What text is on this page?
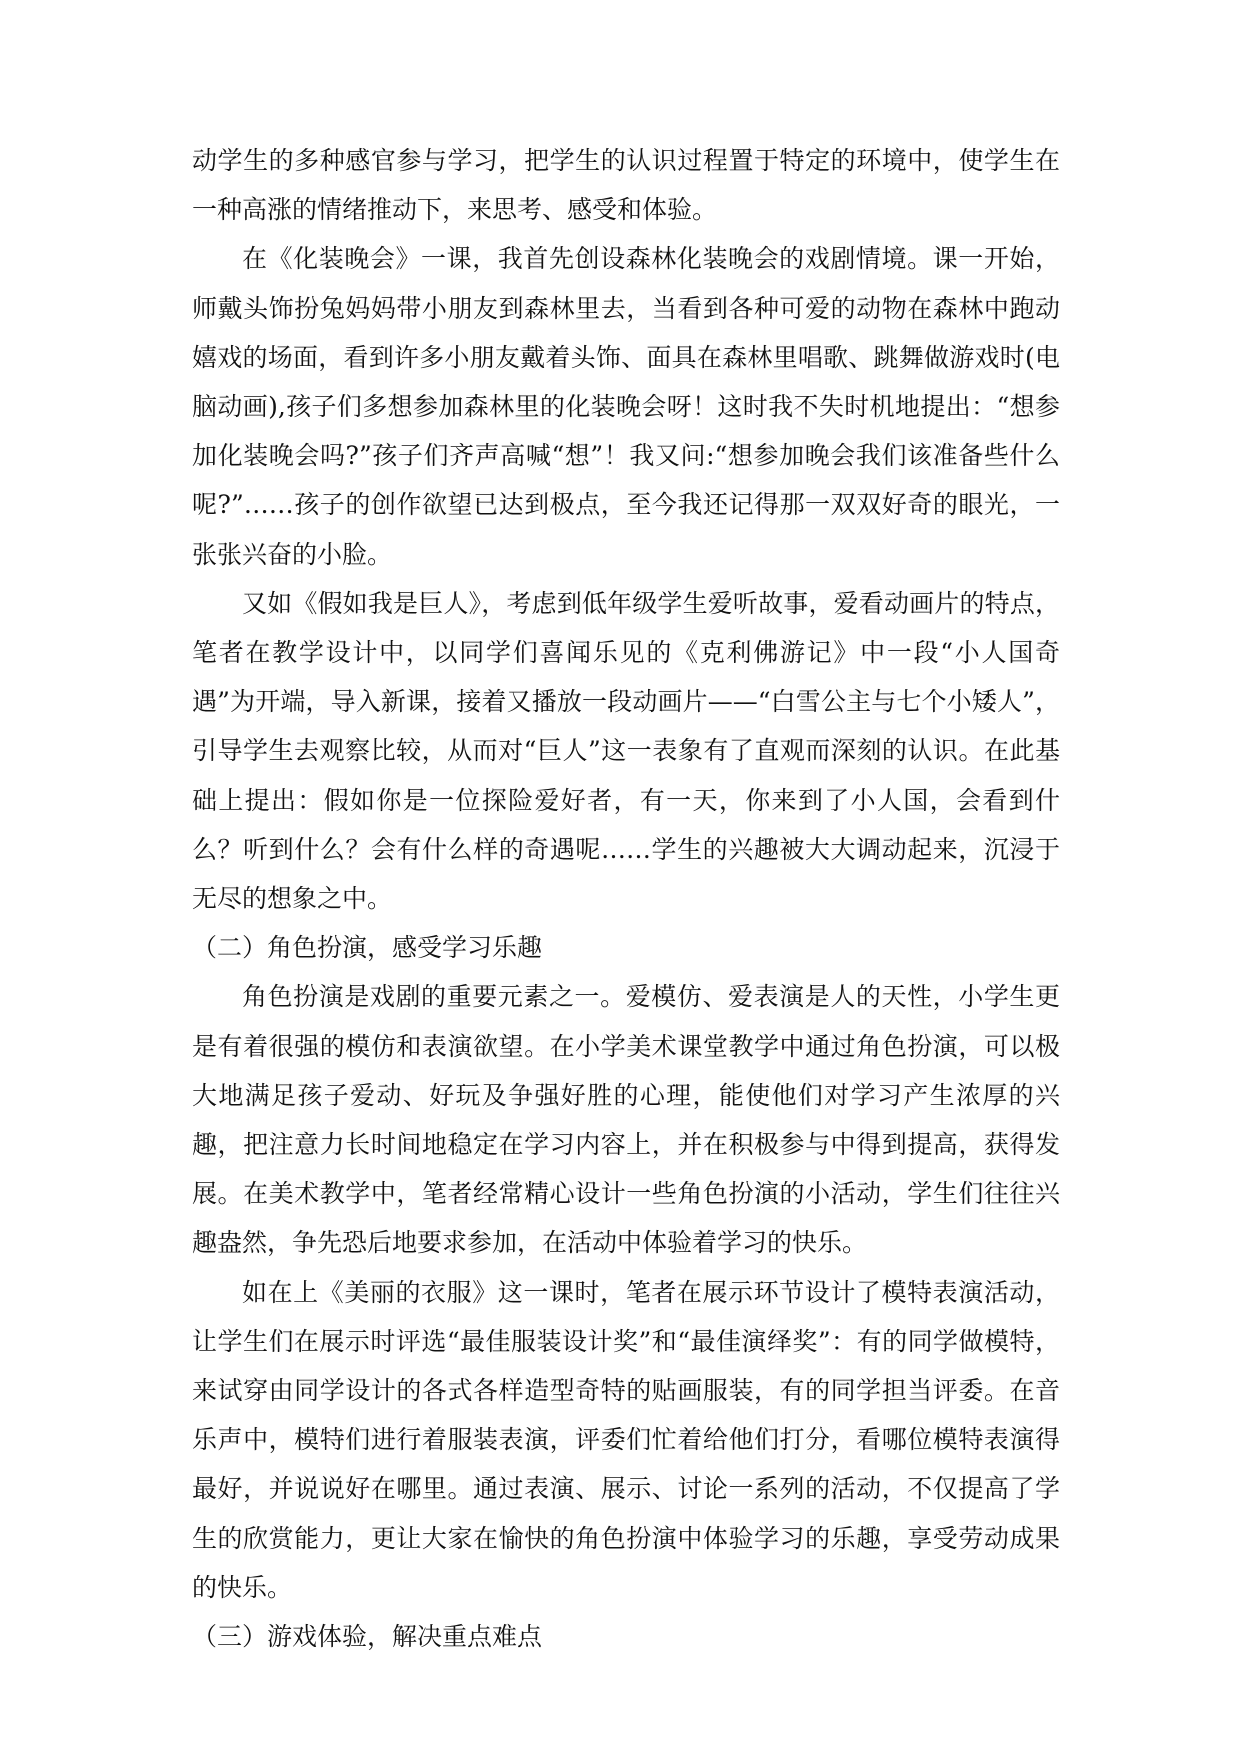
动学生的多种感官参与学习，把学生的认识过程置于特定的环境中，使学生在一种高涨的情绪推动下，来思考、感受和体验。

在《化装晚会》一课，我首先创设森林化装晚会的戏剧情境。课一开始，师戴头饰扮兔妈妈带小朋友到森林里去，当看到各种可爱的动物在森林中跑动嬉戏的场面，看到许多小朋友戴着头饰、面具在森林里唱歌、跳舞做游戏时(电脑动画),孩子们多想参加森林里的化装晚会呀！这时我不失时机地提出：“想参加化装晚会吗?”孩子们齐声高喊“想”！我又问:“想参加晚会我们该准备些什么呢?”……孩子的创作欲望已达到极点，至今我还记得那一双双好奇的眼光，一张张兴奋的小脸。

又如《假如我是巨人》，考虑到低年级学生爱听故事，爱看动画片的特点，笔者在教学设计中，以同学们喜闻乐见的《克利佛游记》中一段“小人国奇遇”为开端，导入新课，接着又播放一段动画片——“白雪公主与七个小矮人”，引导学生去观察比较，从而对“巨人”这一表象有了直观而深刻的认识。在此基础上提出：假如你是一位探险爱好者，有一天，你来到了小人国，会看到什么？听到什么？会有什么样的奇遇呢……学生的兴趣被大大调动起来，沉浸于无尽的想象之中。

（二）角色扮演，感受学习乐趣

角色扮演是戏剧的重要元素之一。爱模仿、爱表演是人的天性，小学生更是有着很强的模仿和表演欲望。在小学美术课堂教学中通过角色扮演，可以极大地满足孩子爱动、好玩及争强好胜的心理，能使他们对学习产生浓厚的兴趣，把注意力长时间地稳定在学习内容上，并在积极参与中得到提高，获得发展。在美术教学中，笔者经常精心设计一些角色扮演的小活动，学生们往往兴趣盎然，争先恐后地要求参加，在活动中体验着学习的快乐。

如在上《美丽的衣服》这一课时，笔者在展示环节设计了模特表演活动，让学生们在展示时评选“最佳服装设计奖”和“最佳演绎奖”：有的同学做模特，来试穿由同学设计的各式各样造型奇特的贴画服装，有的同学担当评委。在音乐声中，模特们进行着服装表演，评委们忙着给他们打分，看哪位模特表演得最好，并说说好在哪里。通过表演、展示、讨论一系列的活动，不仅提高了学生的欣赏能力，更让大家在愉快的角色扮演中体验学习的乐趣，享受劳动成果的快乐。

（三）游戏体验，解决重点难点
